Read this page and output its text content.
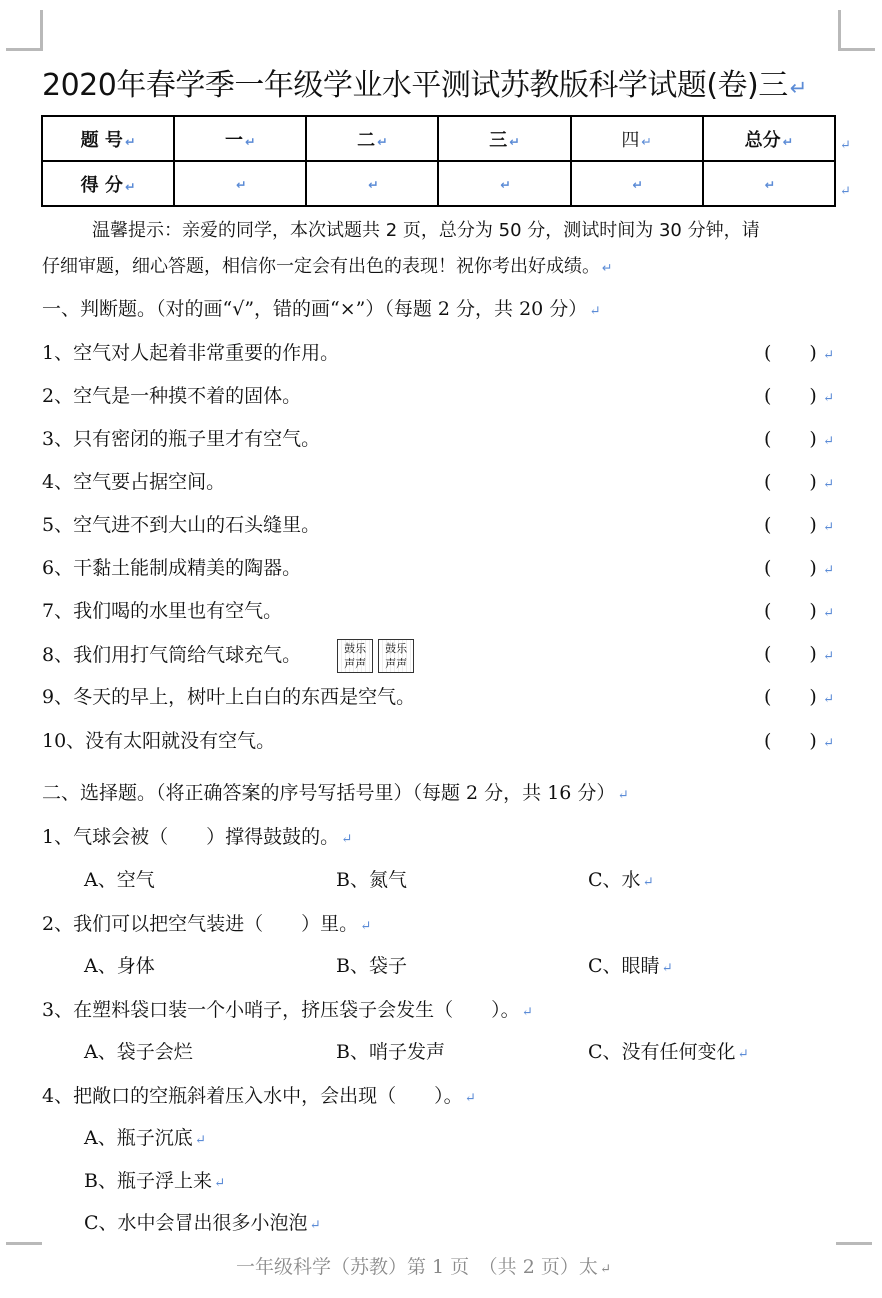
2020年春学季一年级学业水平测试苏教版科学试题(卷)三↵
题 号 ↵	一 ↵	二 ↵	三 ↵	四 ↵	总分 ↵
得 分 ↵	↵	↵	↵	↵	↵
↵
↵
温馨提示：亲爱的同学，本次试题共 2 页，总分为 50 分，测试时间为 30 分钟，请
仔细审题，细心答题，相信你一定会有出色的表现！祝你考出好成绩。 ↵
一、判断题。（对的画“√”，错的画“×”）（每题 2 分，共 20 分） ↵
1、空气对人起着非常重要的作用。	(　　) ↵
2、空气是一种摸不着的固体。	(　　) ↵
3、只有密闭的瓶子里才有空气。	(　　) ↵
4、空气要占据空间。	(　　) ↵
5、空气进不到大山的石头缝里。	(　　) ↵
6、干黏土能制成精美的陶器。	(　　) ↵
7、我们喝的水里也有空气。	(　　) ↵
8、我们用打气筒给气球充气。	鼓乐
声声鼓乐
声声	(　　) ↵
9、冬天的早上，树叶上白白的东西是空气。	(　　) ↵
10、没有太阳就没有空气。	(　　) ↵
二、选择题。（将正确答案的序号写括号里）（每题 2 分，共 16 分） ↵
1、气球会被（　　）撑得鼓鼓的。 ↵
A、空气	B、氮气	C、水 ↵
2、我们可以把空气装进（　　）里。 ↵
A、身体	B、袋子	C、眼睛 ↵
3、在塑料袋口装一个小哨子，挤压袋子会发生（　　）。 ↵
A、袋子会烂	B、哨子发声	C、没有任何变化 ↵
4、把敞口的空瓶斜着压入水中，会出现（　　）。 ↵
A、瓶子沉底 ↵
B、瓶子浮上来 ↵
C、水中会冒出很多小泡泡 ↵
一年级科学（苏教）第 1 页　（共 2 页）太 ↵
